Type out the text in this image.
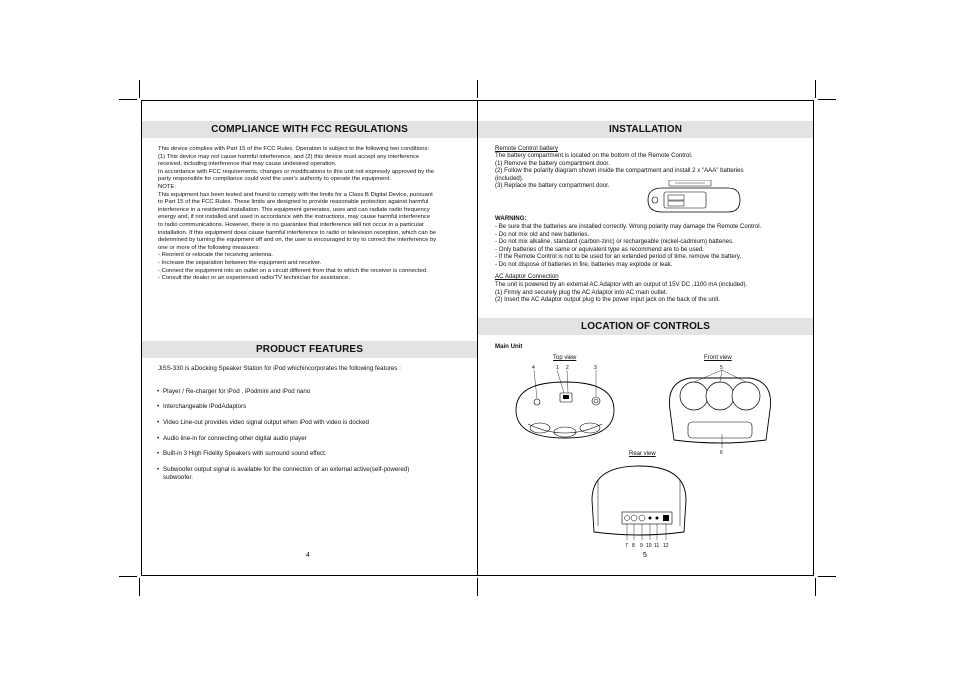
COMPLIANCE WITH FCC REGULATIONS
This device complies with Part 15 of the FCC Rules. Operation is subject to the following two conditions:
(1) This device may not cause harmful interference, and (2) this device must accept any interference
received, including interference that may cause undesired operation.
In accordance with FCC requirements, changes or modifications to this unit not expressly approved by the
party responsible for compliance could void the user's authority to operate the equipment.
NOTE:
This equipment has been tested and found to comply with the limits for a Class B Digital Device, pursuant
to Part 15 of the FCC Rules. These limits are designed to provide reasonable protection against harmful
interference in a residential installation. This equipment generates, uses and can radiate radio frequency
energy and, if not installed and used in accordance with the instructions, may cause harmful interference
to radio communications. However, there is no guarantee that interference will not occur in a particular
installation. If this equipment does cause harmful interference to radio or television reception, which can be
determined by turning the equipment off and on, the user is encouraged to try to correct the interference by
one or more of the following measures:
- Reorient or relocate the receiving antenna.
- Increase the separation between the equipment and receiver.
- Connect the equipment into an outlet on a circuit different from that to which the receiver is connected.
- Consult the dealer or an experienced radio/TV technician for assistance.
PRODUCT FEATURES
JiSS-330 is aDocking Speaker Station for iPod whichincorporates the following features :

• Player / Re-charger for iPod , iPodmini and iPod nano

• Interchangeable iPodAdaptors

• Video Line-out provides video signal output when iPod with video is docked

• Audio line-in for connecting other digital audio player

• Built-in 3 High Fidelity Speakers with surround sound effect.

• Subwoofer output signal is available for the connection of an external active(self-powered)
subwoofer.

4
INSTALLATION
Remote Control battery
The battery compartment is located on the bottom of the Remote Control.
(1) Remove the battery compartment door.
(2) Follow the polarity diagram shown inside the compartment and install 2 x "AAA" batteries
(included).
(3) Replace the battery compartment door.
WARNING:
- Be sure that the batteries are installed correctly. Wrong polarity may damage the Remote Control.
- Do not mix old and new batteries.
- Do not mix alkaline, standard (carbon-zinc) or rechargeable (nickel-cadmium) batteries.
- Only batteries of the same or equivalent type as recommend are to be used.
- If the Remote Control is not to be used for an extended period of time, remove the battery.
- Do not dispose of batteries in fire, batteries may explode or leak.
AC Adaptor Connection
The unit is powered by an external AC Adaptor with an output of 15V DC ,1100 mA (included).
(1) Firmly and securely plug the AC Adaptor into AC main outlet.
(2) Insert the AC Adaptor output plug to the power input jack on the back of the unit.
LOCATION OF CONTROLS
Main Unit
Top view	Front view
Rear view
4	1 2	3	5
6
7 8 9 10 11 12
5
